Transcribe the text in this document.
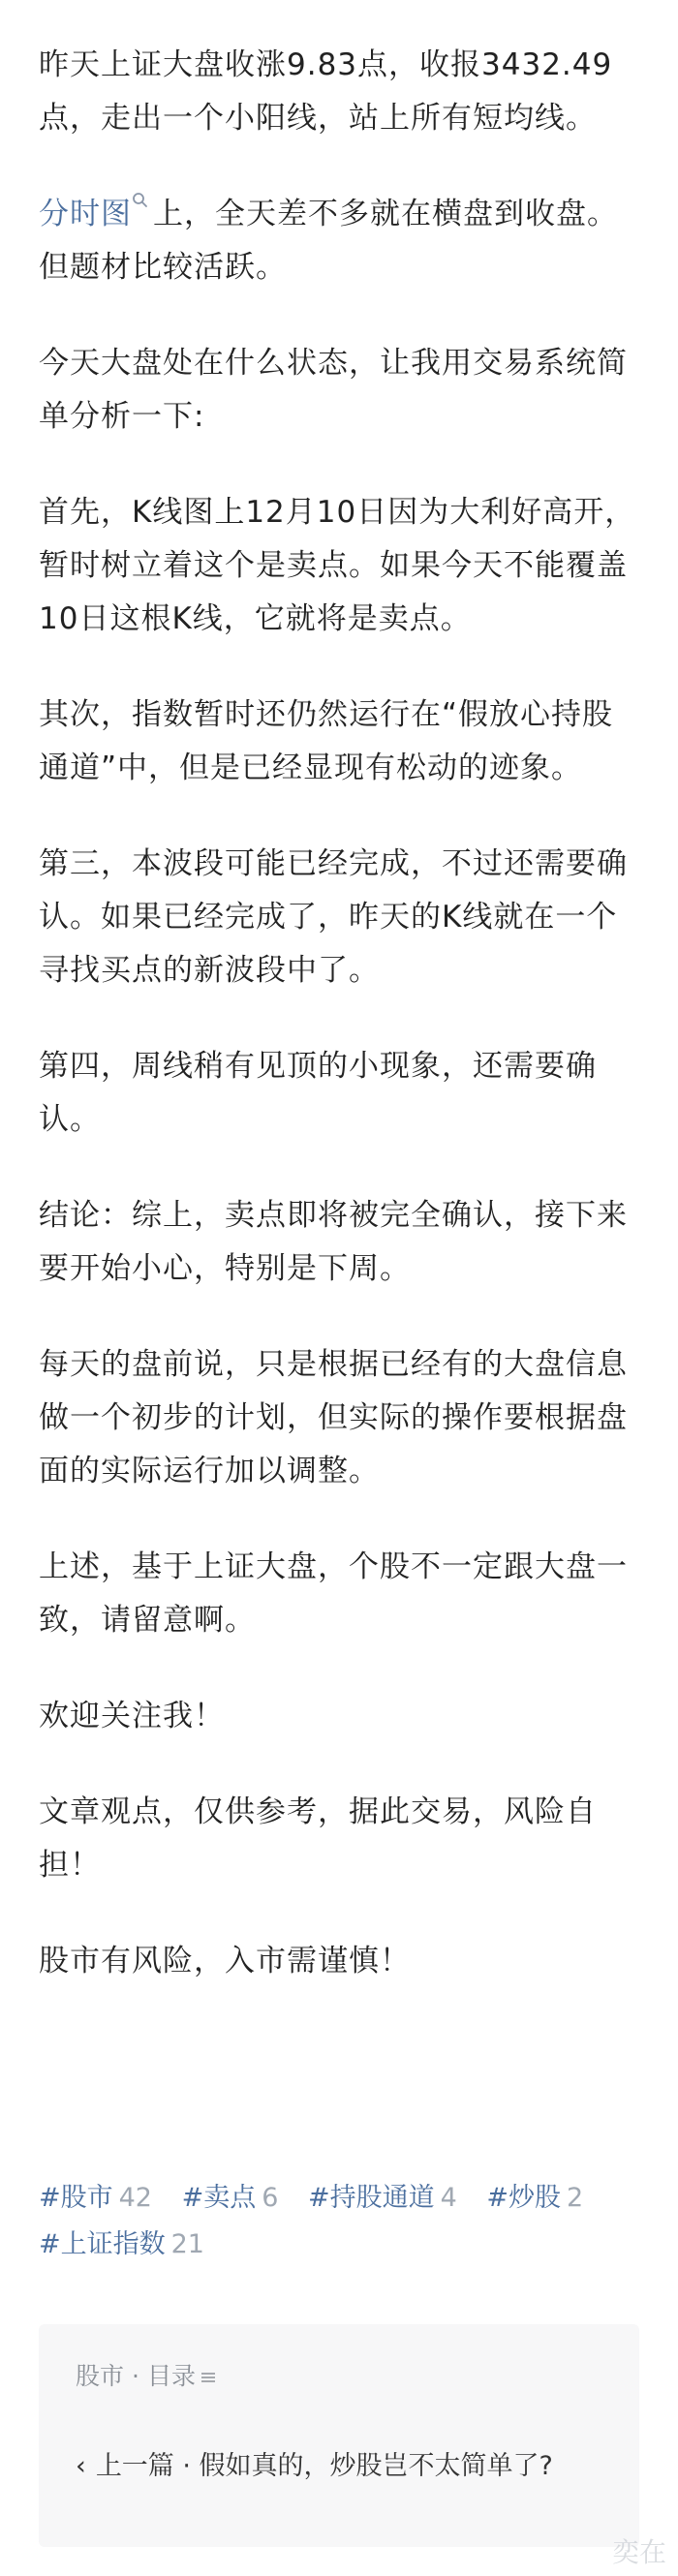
昨天上证大盘收涨9.83点，收报3432.49点，走出一个小阳线，站上所有短均线。

分时图 上，全天差不多就在横盘到收盘。但题材比较活跃。

今天大盘处在什么状态，让我用交易系统简单分析一下:

首先，K线图上12月10日因为大利好高开，暂时树立着这个是卖点。如果今天不能覆盖10日这根K线，它就将是卖点。

其次，指数暂时还仍然运行在“假放心持股通道”中，但是已经显现有松动的迹象。

第三，本波段可能已经完成，不过还需要确认。如果已经完成了，昨天的K线就在一个寻找买点的新波段中了。

第四，周线稍有见顶的小现象，还需要确认。

结论：综上，卖点即将被完全确认，接下来要开始小心，特别是下周。

每天的盘前说，只是根据已经有的大盘信息做一个初步的计划，但实际的操作要根据盘面的实际运行加以调整。

上述，基于上证大盘，个股不一定跟大盘一致，请留意啊。

欢迎关注我！

文章观点，仅供参考，据此交易，风险自担！

股市有风险，入市需谨慎！

#股市 42 #卖点 6 #持股通道 4 #炒股 2 #上证指数 21
股市 · 目录
‹ 上一篇 · 假如真的，炒股岂不太简单了?
奕在
